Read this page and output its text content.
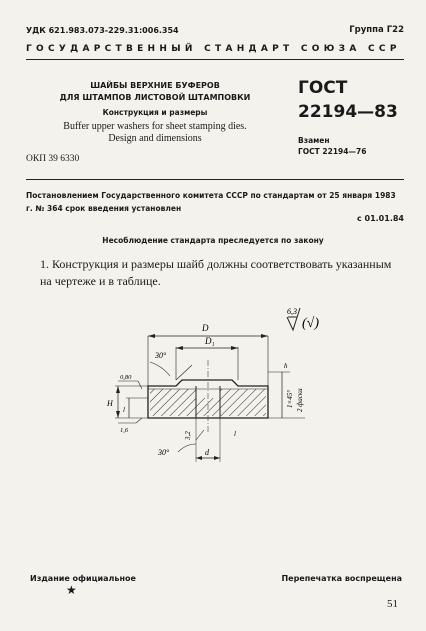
УДК 621.983.073-229.31:006.354	Группа Г22
ГОСУДАРСТВЕННЫЙ СТАНДАРТ СОЮЗА ССР
ШАЙБЫ ВЕРХНИЕ БУФЕРОВ
ДЛЯ ШТАМПОВ ЛИСТОВОЙ ШТАМПОВКИ
Конструкция и размеры
Buffer upper washers for sheet stamping dies.
Design and dimensions
ОКП 39 6330
ГОСТ
22194—83
Взамен
ГОСТ 22194—76
Постановлением Государственного комитета СССР по стандартам от 25 января 1983 г. № 364 срок введения установлен
с 01.01.84
Несоблюдение стандарта преследуется по закону
1. Конструкция и размеры шайб должны соответствовать указанным на чертеже и в таблице.
6,3
(√)
D
D₁
30°
H
l
0,80
1,6
h
1×45° 2 фаски
d
3,2	l
30°
Издание официальное
★
Перепечатка воспрещена
51
